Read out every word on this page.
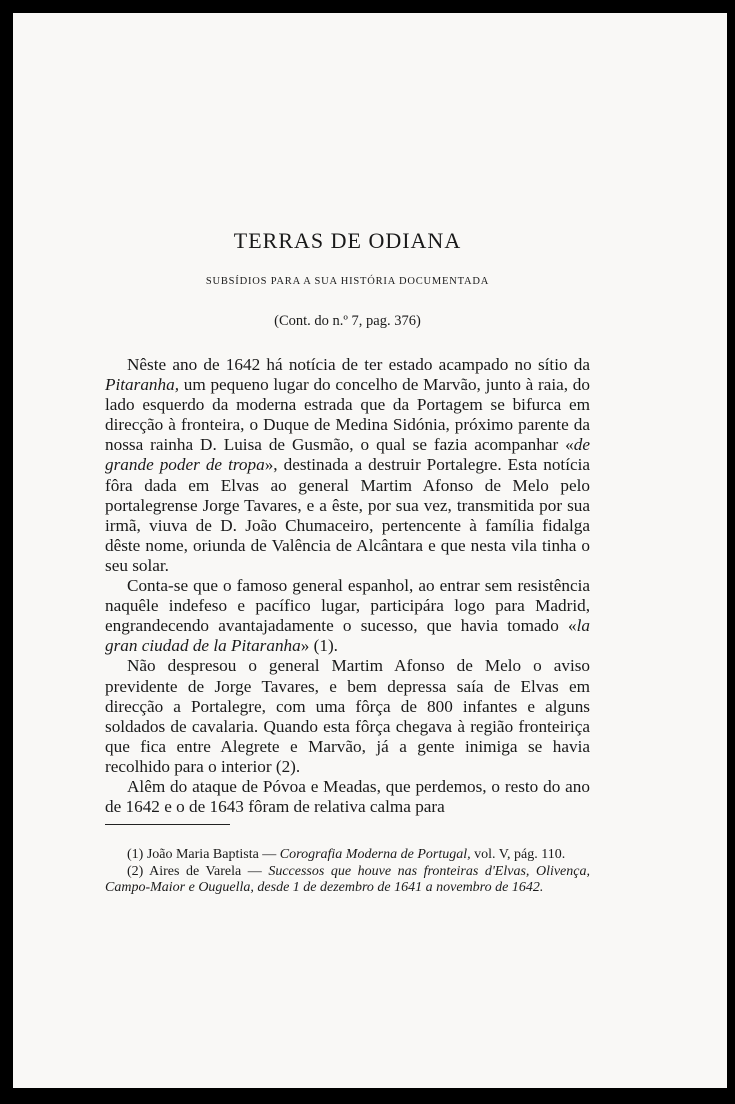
TERRAS DE ODIANA
SUBSÍDIOS PARA A SUA HISTÓRIA DOCUMENTADA
(Cont. do n.º 7, pag. 376)

Nêste ano de 1642 há notícia de ter estado acampado no sítio da Pitaranha, um pequeno lugar do concelho de Marvão, junto à raia, do lado esquerdo da moderna estrada que da Portagem se bifurca em direcção à fronteira, o Duque de Medina Sidónia, próximo parente da nossa rainha D. Luisa de Gusmão, o qual se fazia acompanhar «de grande poder de tropa», destinada a destruir Portalegre. Esta notícia fôra dada em Elvas ao general Martim Afonso de Melo pelo portalegrense Jorge Tavares, e a êste, por sua vez, transmitida por sua irmã, viuva de D. João Chumaceiro, pertencente à família fidalga dêste nome, oriunda de Valência de Alcântara e que nesta vila tinha o seu solar.

Conta-se que o famoso general espanhol, ao entrar sem resistência naquêle indefeso e pacífico lugar, participára logo para Madrid, engrandecendo avantajadamente o sucesso, que havia tomado «la gran ciudad de la Pitaranha» (1).

Não despresou o general Martim Afonso de Melo o aviso previdente de Jorge Tavares, e bem depressa saía de Elvas em direcção a Portalegre, com uma fôrça de 800 infantes e alguns soldados de cavalaria. Quando esta fôrça chegava à região fronteiriça que fica entre Alegrete e Marvão, já a gente inimiga se havia recolhido para o interior (2).

Alêm do ataque de Póvoa e Meadas, que perdemos, o resto do ano de 1642 e o de 1643 fôram de relativa calma para

(1) João Maria Baptista — Corografia Moderna de Portugal, vol. V, pág. 110.

(2) Aires de Varela — Successos que houve nas fronteiras d'Elvas, Olivença, Campo-Maior e Ouguella, desde 1 de dezembro de 1641 a novembro de 1642.
